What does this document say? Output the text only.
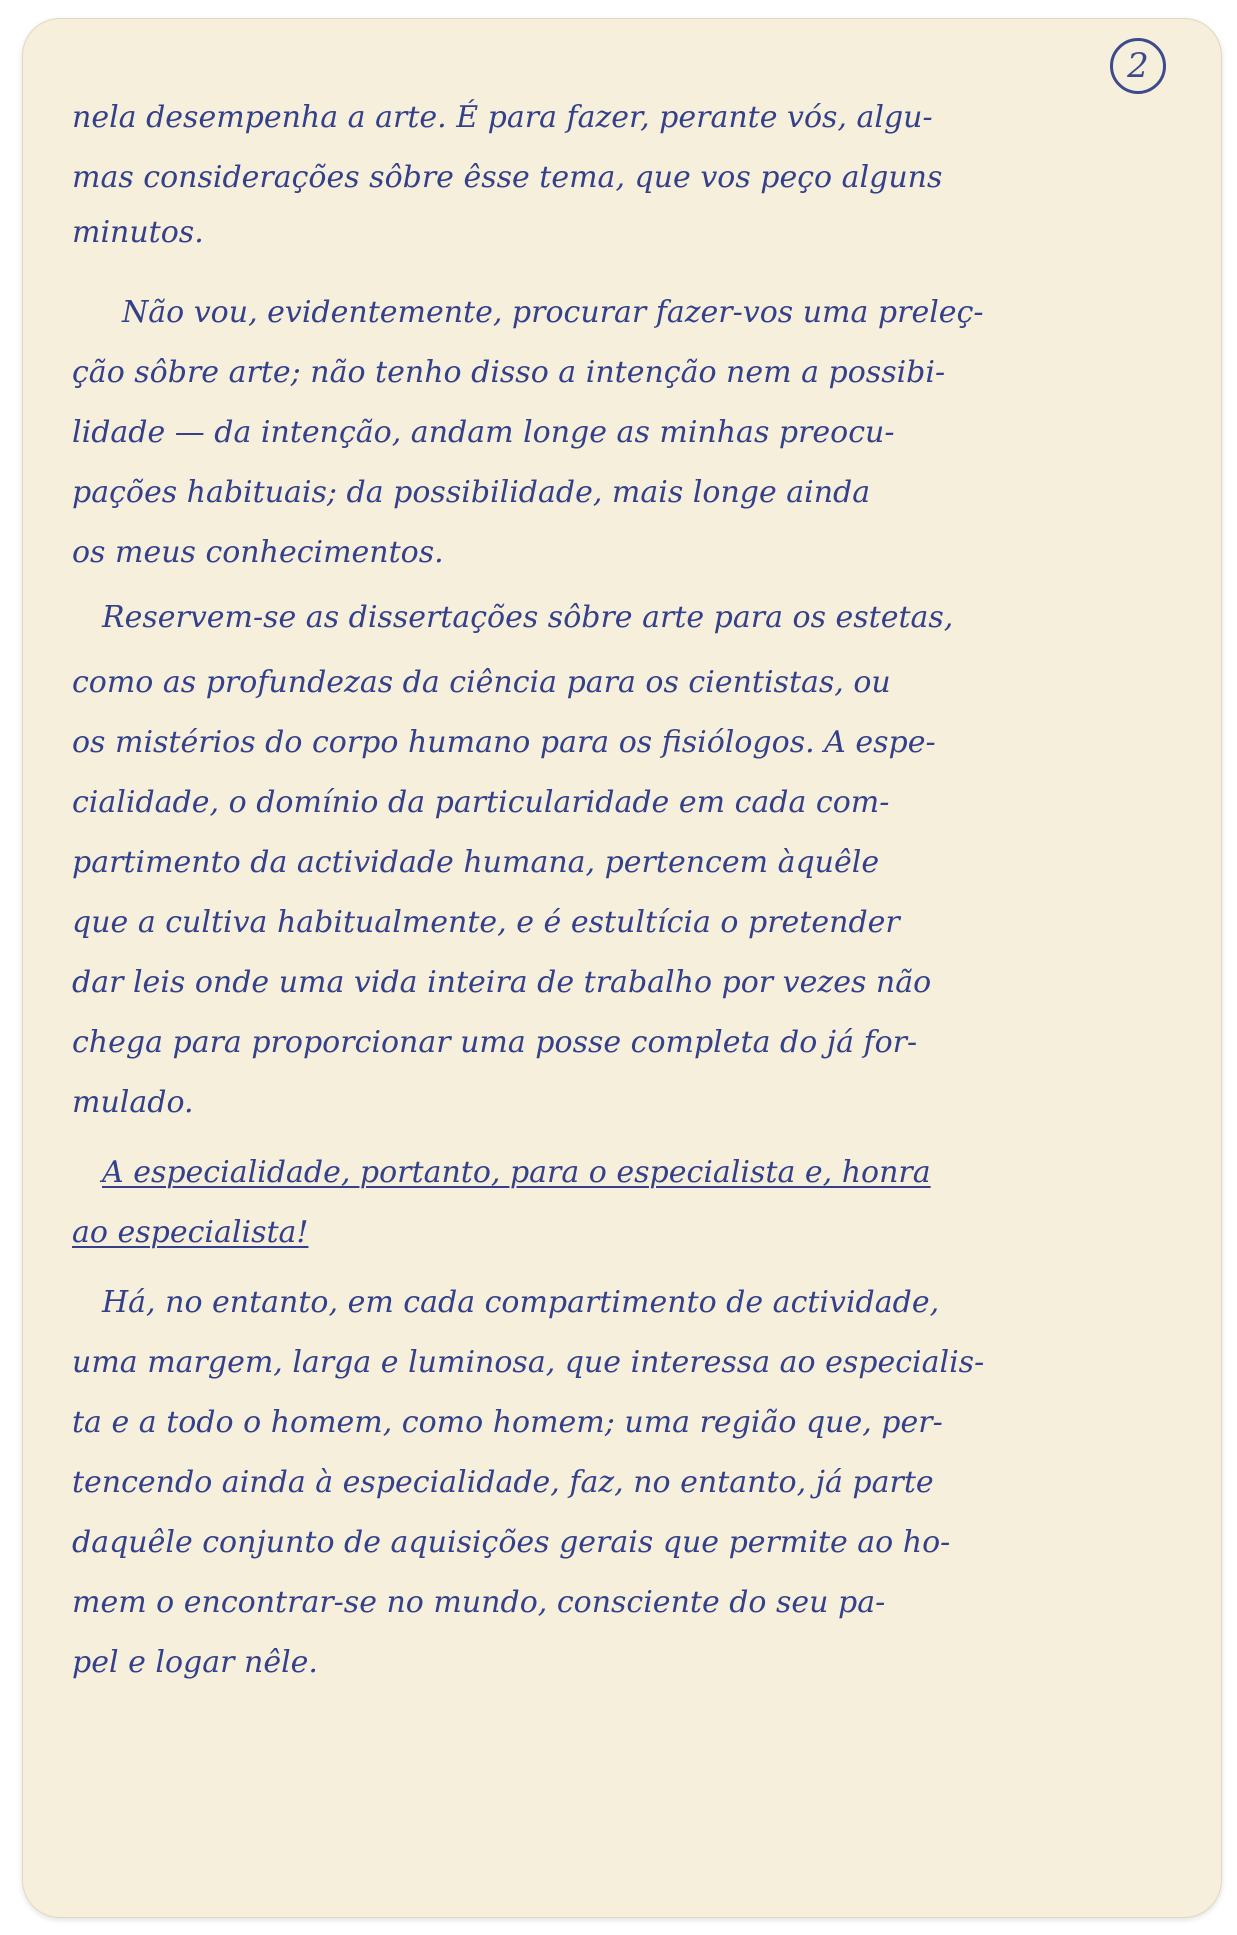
2
nela desempenha a arte. É para fazer, perante vós, algu-
mas considerações sôbre êsse tema, que vos peço alguns
minutos.
Não vou, evidentemente, procurar fazer-vos uma preleç-
ção sôbre arte; não tenho disso a intenção nem a possibi-
lidade — da intenção, andam longe as minhas preocu-
pações habituais; da possibilidade, mais longe ainda
os meus conhecimentos.
Reservem-se as dissertações sôbre arte para os estetas,
como as profundezas da ciência para os cientistas, ou
os mistérios do corpo humano para os fisiólogos. A espe-
cialidade, o domínio da particularidade em cada com-
partimento da actividade humana, pertencem àquêle
que a cultiva habitualmente, e é estultícia o pretender
dar leis onde uma vida inteira de trabalho por vezes não
chega para proporcionar uma posse completa do já for-
mulado.
A especialidade, portanto, para o especialista e, honra
ao especialista!
Há, no entanto, em cada compartimento de actividade,
uma margem, larga e luminosa, que interessa ao especialis-
ta e a todo o homem, como homem; uma região que, per-
tencendo ainda à especialidade, faz, no entanto, já parte
daquêle conjunto de aquisições gerais que permite ao ho-
mem o encontrar-se no mundo, consciente do seu pa-
pel e logar nêle.
